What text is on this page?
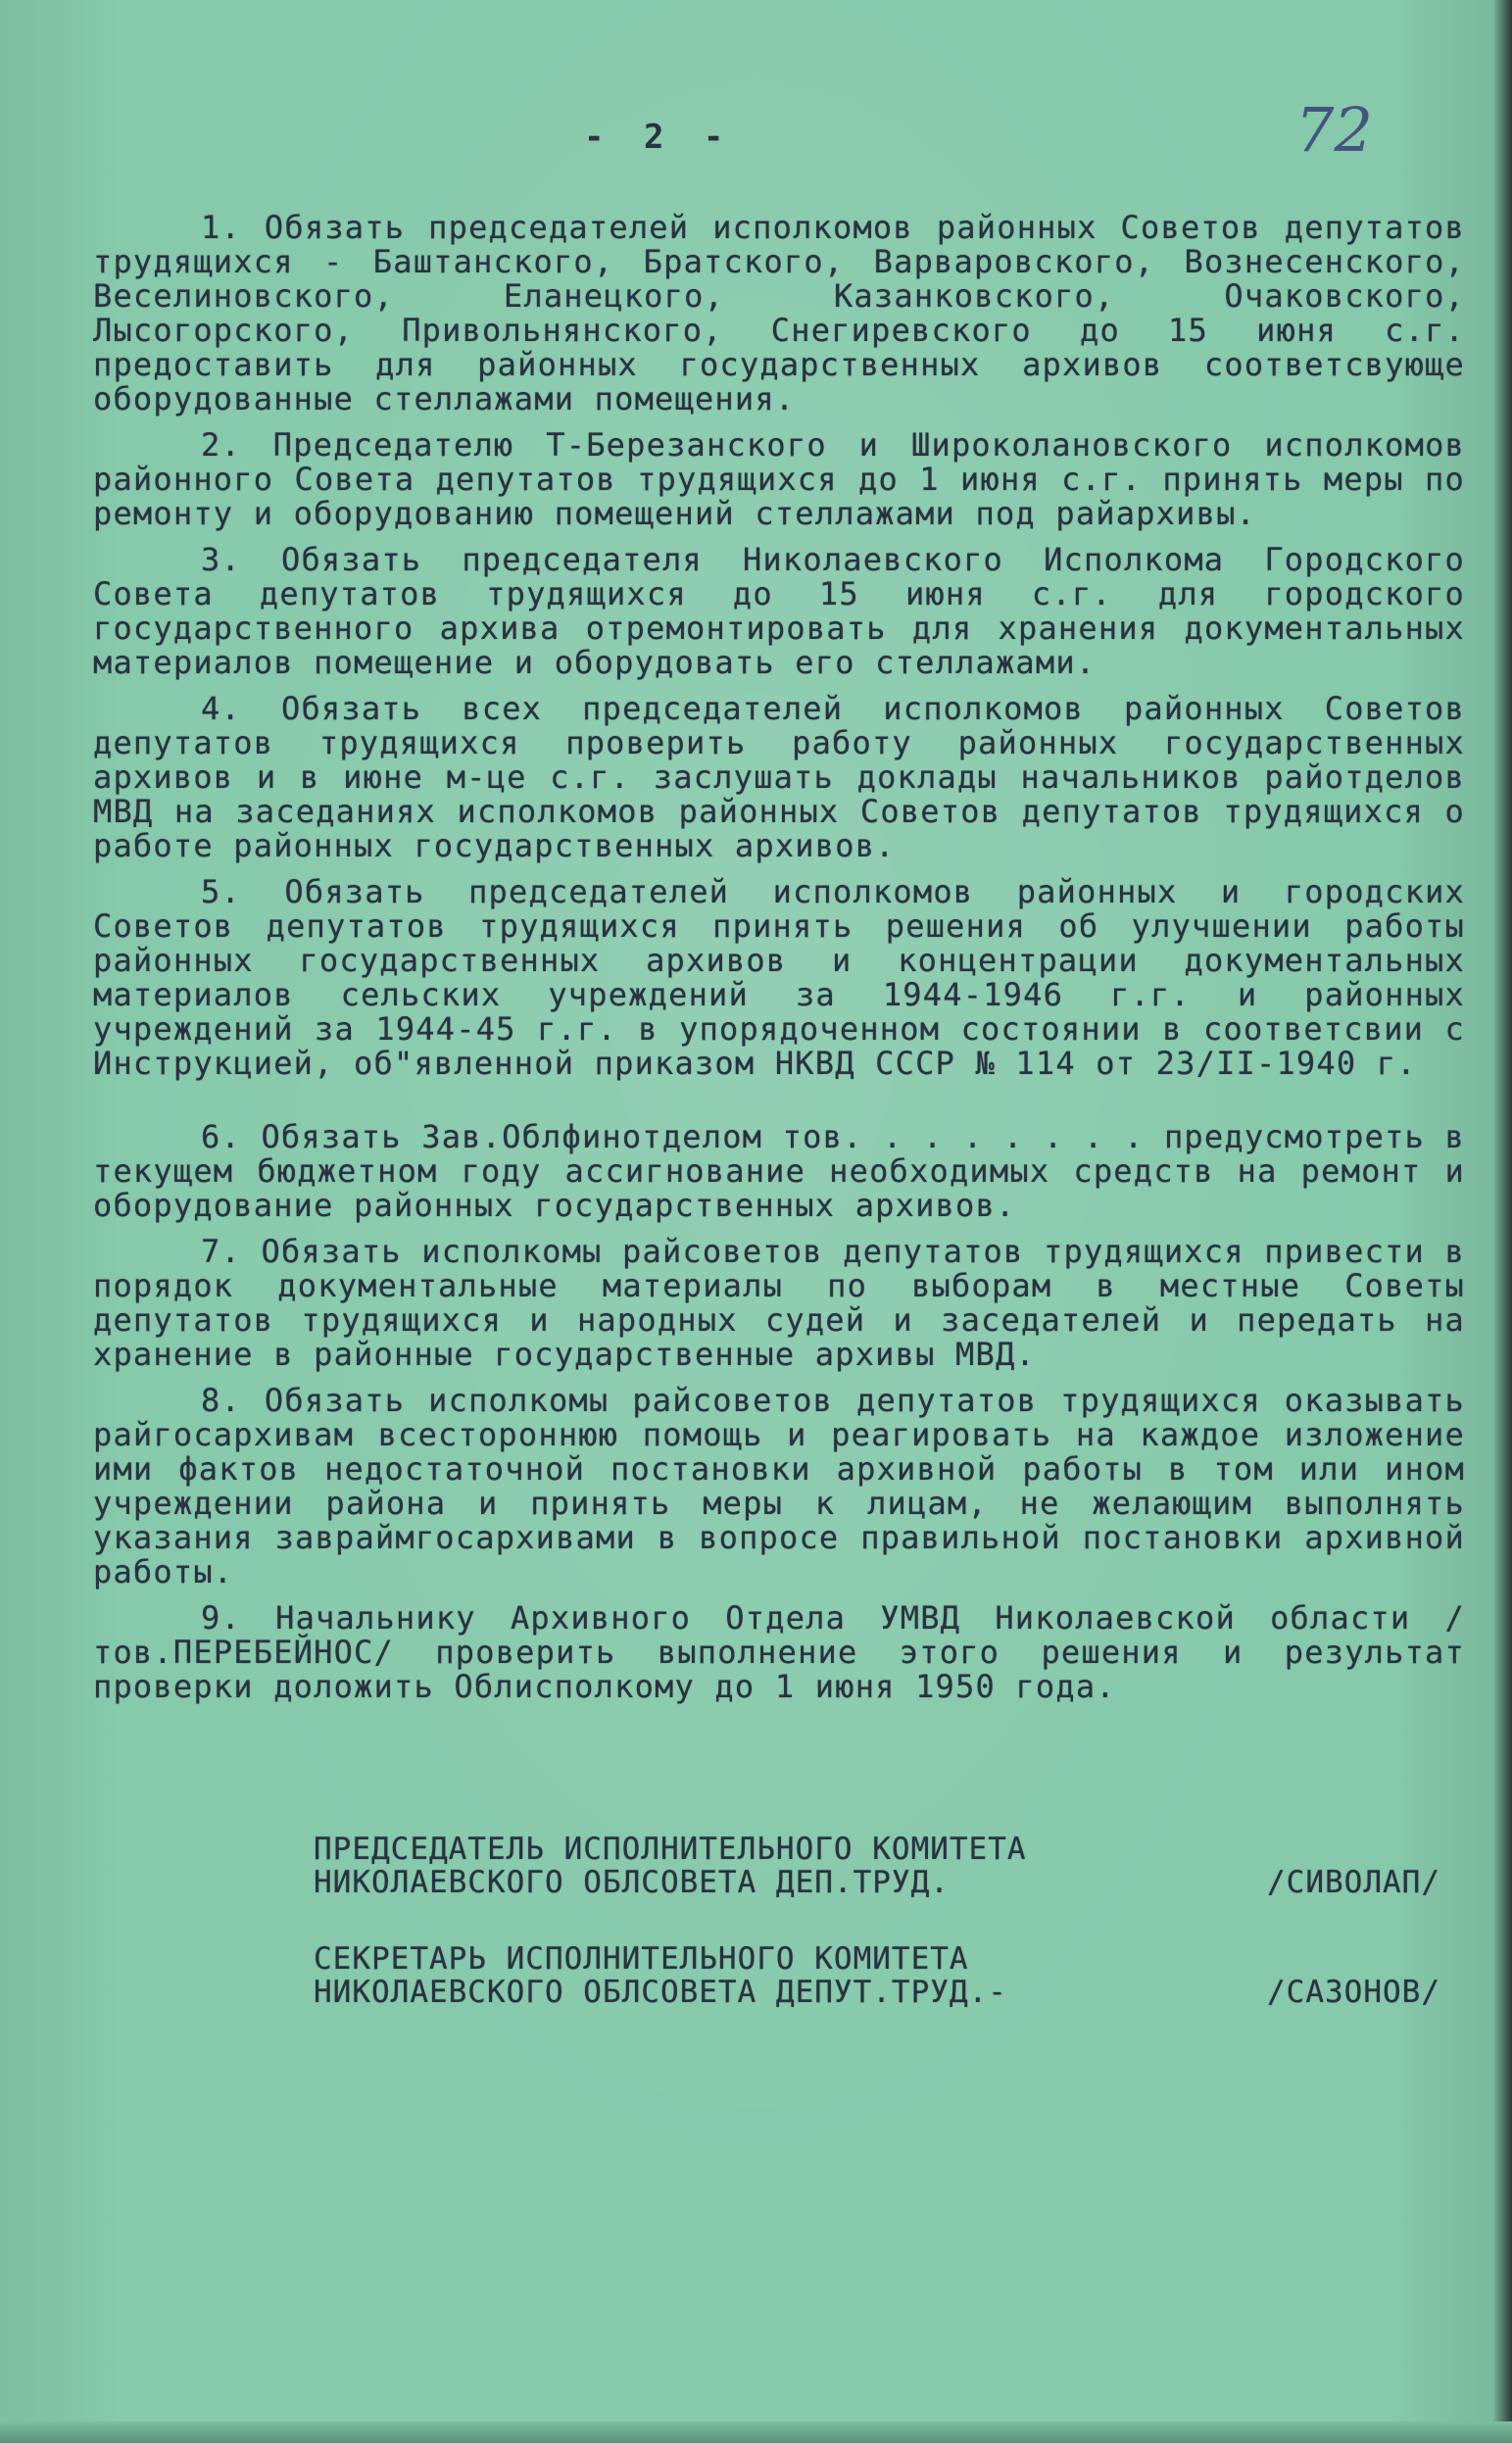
- 2 -	72

1. Обязать председателей исполкомов районных Советов депутатов трудящихся - Баштанского, Братского, Варваровского, Вознесенского, Веселиновского, Еланецкого, Казанковского, Очаковского, Лысогорского, Привольнянского, Снегиревского до 15 июня с.г. предоставить для районных государственных архивов соответсвующе оборудованные стеллажами помещения.

2. Председателю Т-Березанского и Широколановского исполкомов районного Совета депутатов трудящихся до 1 июня с.г. принять меры по ремонту и оборудованию помещений стеллажами под райархивы.

3. Обязать председателя Николаевского Исполкома Городского Совета депутатов трудящихся до 15 июня с.г. для городского государственного архива отремонтировать для хранения документальных материалов помещение и оборудовать его стеллажами.

4. Обязать всех председателей исполкомов районных Советов депутатов трудящихся проверить работу районных государственных архивов и в июне м-це с.г. заслушать доклады начальников райотделов МВД на заседаниях исполкомов районных Советов депутатов трудящихся о работе районных государственных архивов.

5. Обязать председателей исполкомов районных и городских Советов депутатов трудящихся принять решения об улучшении работы районных государственных архивов и концентрации документальных материалов сельских учреждений за 1944-1946 г.г. и районных учреждений за 1944-45 г.г. в упорядоченном состоянии в соответсвии с Инструкцией, об"явленной приказом НКВД СССР № 114 от 23/II-1940 г.

6. Обязать Зав.Облфинотделом тов. . . . . . . . предусмотреть в текущем бюджетном году ассигнование необходимых средств на ремонт и оборудование районных государственных архивов.

7. Обязать исполкомы райсоветов депутатов трудящихся привести в порядок документальные материалы по выборам в местные Советы депутатов трудящихся и народных судей и заседателей и передать на хранение в районные государственные архивы МВД.

8. Обязать исполкомы райсоветов депутатов трудящихся оказывать райгосархивам всестороннюю помощь и реагировать на каждое изложение ими фактов недостаточной постановки архивной работы в том или ином учреждении района и принять меры к лицам, не желающим выполнять указания завраймгосархивами в вопросе правильной постановки архивной работы.

9. Начальнику Архивного Отдела УМВД Николаевской области /тов.ПЕРЕБЕЙНОС/ проверить выполнение этого решения и результат проверки доложить Облисполкому до 1 июня 1950 года.

ПРЕДСЕДАТЕЛЬ ИСПОЛНИТЕЛЬНОГО КОМИТЕТА НИКОЛАЕВСКОГО ОБЛСОВЕТА ДЕП.ТРУД.	/СИВОЛАП/
СЕКРЕТАРЬ ИСПОЛНИТЕЛЬНОГО КОМИТЕТА НИКОЛАЕВСКОГО ОБЛСОВЕТА ДЕПУТ.ТРУД.-	/САЗОНОВ/
